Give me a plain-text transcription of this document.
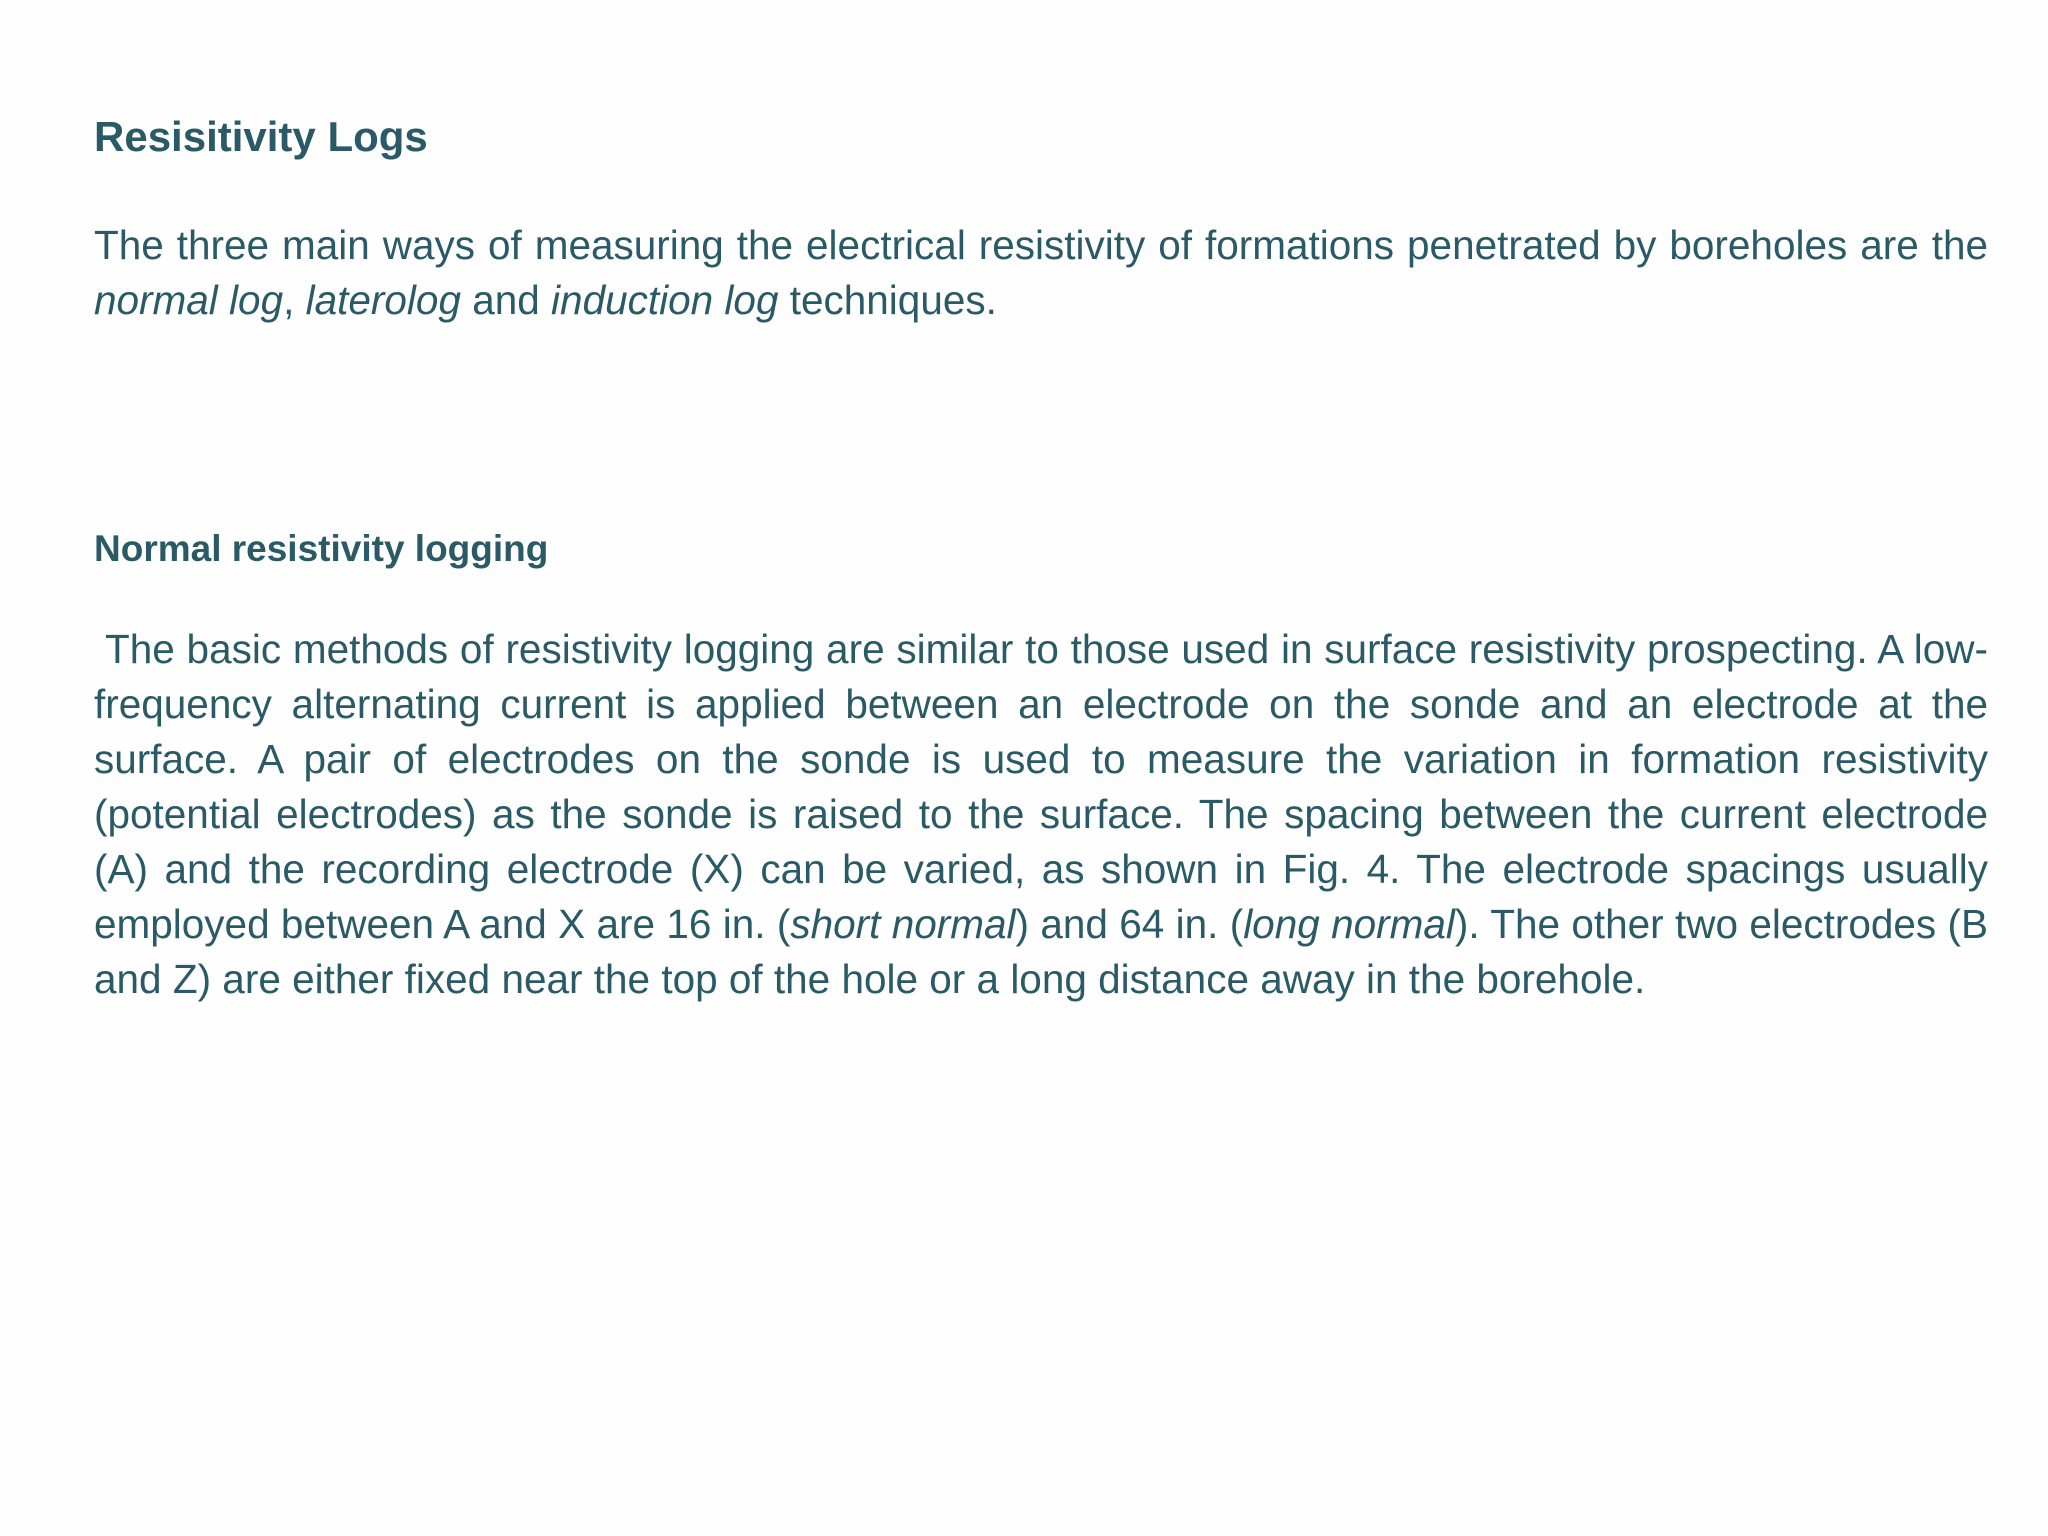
Resisitivity Logs

The three main ways of measuring the electrical resistivity of formations penetrated by boreholes are the normal log, laterolog and induction log techniques.

Normal resistivity logging

The basic methods of resistivity logging are similar to those used in surface resistivity prospecting. A low-frequency alternating current is applied between an electrode on the sonde and an electrode at the surface. A pair of electrodes on the sonde is used to measure the variation in formation resistivity (potential electrodes) as the sonde is raised to the surface. The spacing between the current electrode (A) and the recording electrode (X) can be varied, as shown in Fig. 4. The electrode spacings usually employed between A and X are 16 in. (short normal) and 64 in. (long normal). The other two electrodes (B and Z) are either fixed near the top of the hole or a long distance away in the borehole.
